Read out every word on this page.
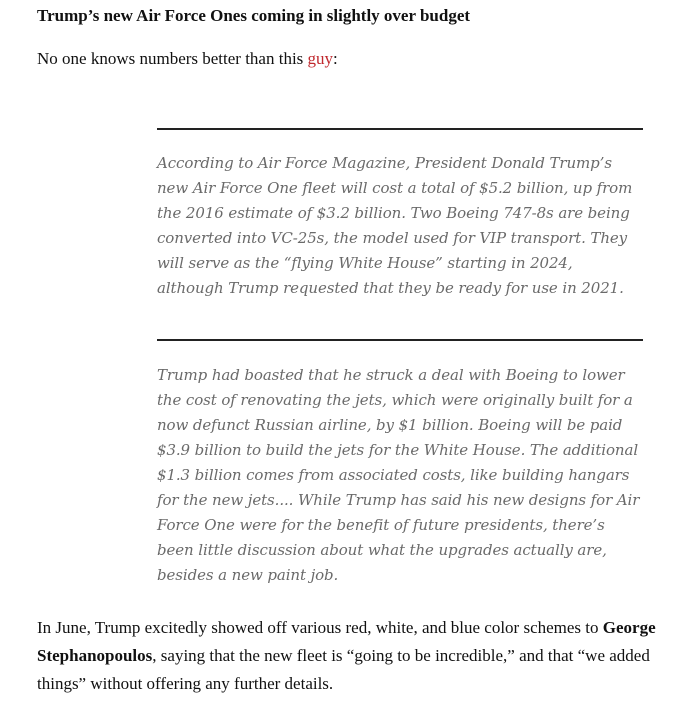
Trump’s new Air Force Ones coming in slightly over budget

No one knows numbers better than this guy:

According to Air Force Magazine, President Donald Trump’s new Air Force One fleet will cost a total of $5.2 billion, up from the 2016 estimate of $3.2 billion. Two Boeing 747-8s are being converted into VC-25s, the model used for VIP transport. They will serve as the “flying White House” starting in 2024, although Trump requested that they be ready for use in 2021.

Trump had boasted that he struck a deal with Boeing to lower the cost of renovating the jets, which were originally built for a now defunct Russian airline, by $1 billion. Boeing will be paid $3.9 billion to build the jets for the White House. The additional $1.3 billion comes from associated costs, like building hangars for the new jets.... While Trump has said his new designs for Air Force One were for the benefit of future presidents, there’s been little discussion about what the upgrades actually are, besides a new paint job.

In June, Trump excitedly showed off various red, white, and blue color schemes to George Stephanopoulos, saying that the new fleet is “going to be incredible,” and that “we added things” without offering any further details.
